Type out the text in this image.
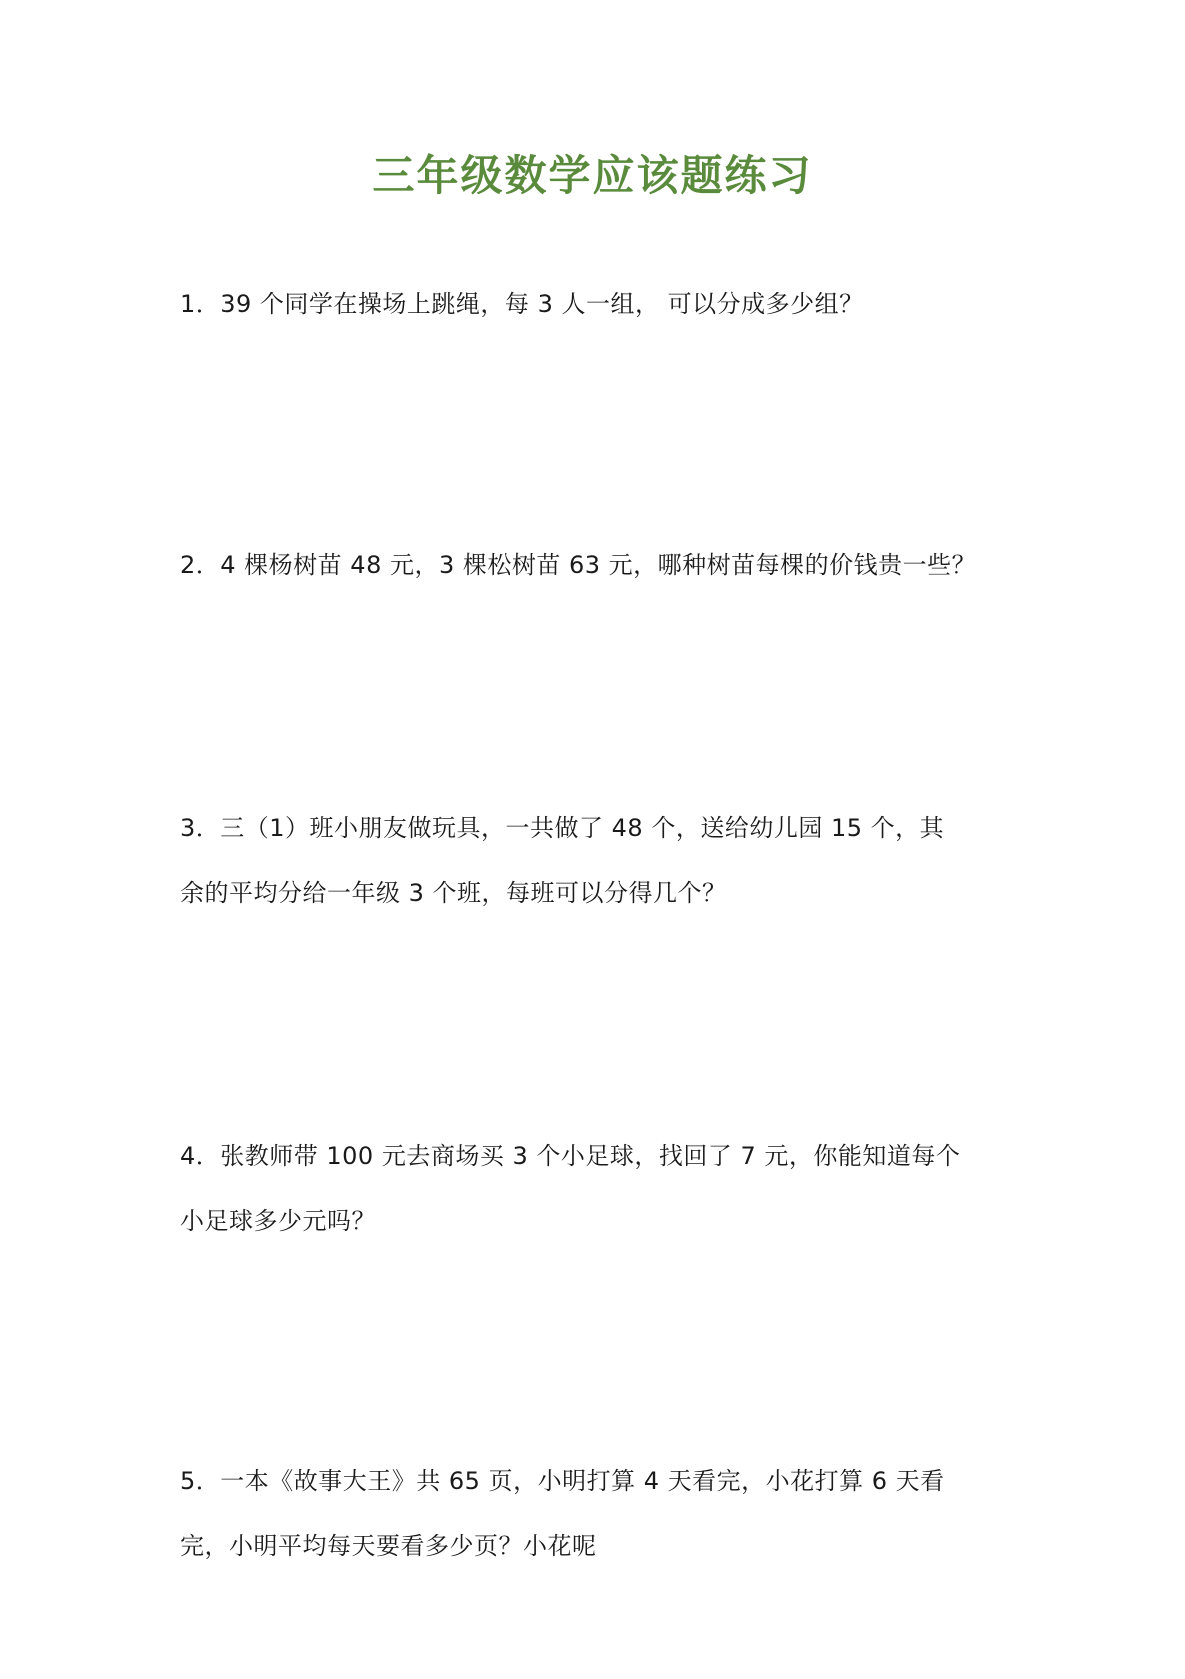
三年级数学应该题练习
1．39 个同学在操场上跳绳，每 3 人一组， 可以分成多少组？
2．4 棵杨树苗 48 元，3 棵松树苗 63 元，哪种树苗每棵的价钱贵一些？
3．三（1）班小朋友做玩具，一共做了 48 个，送给幼儿园 15 个，其
余的平均分给一年级 3 个班，每班可以分得几个？
4．张教师带 100 元去商场买 3 个小足球，找回了 7 元，你能知道每个
小足球多少元吗？
5．一本《故事大王》共 65 页，小明打算 4 天看完，小花打算 6 天看
完，小明平均每天要看多少页？小花呢
